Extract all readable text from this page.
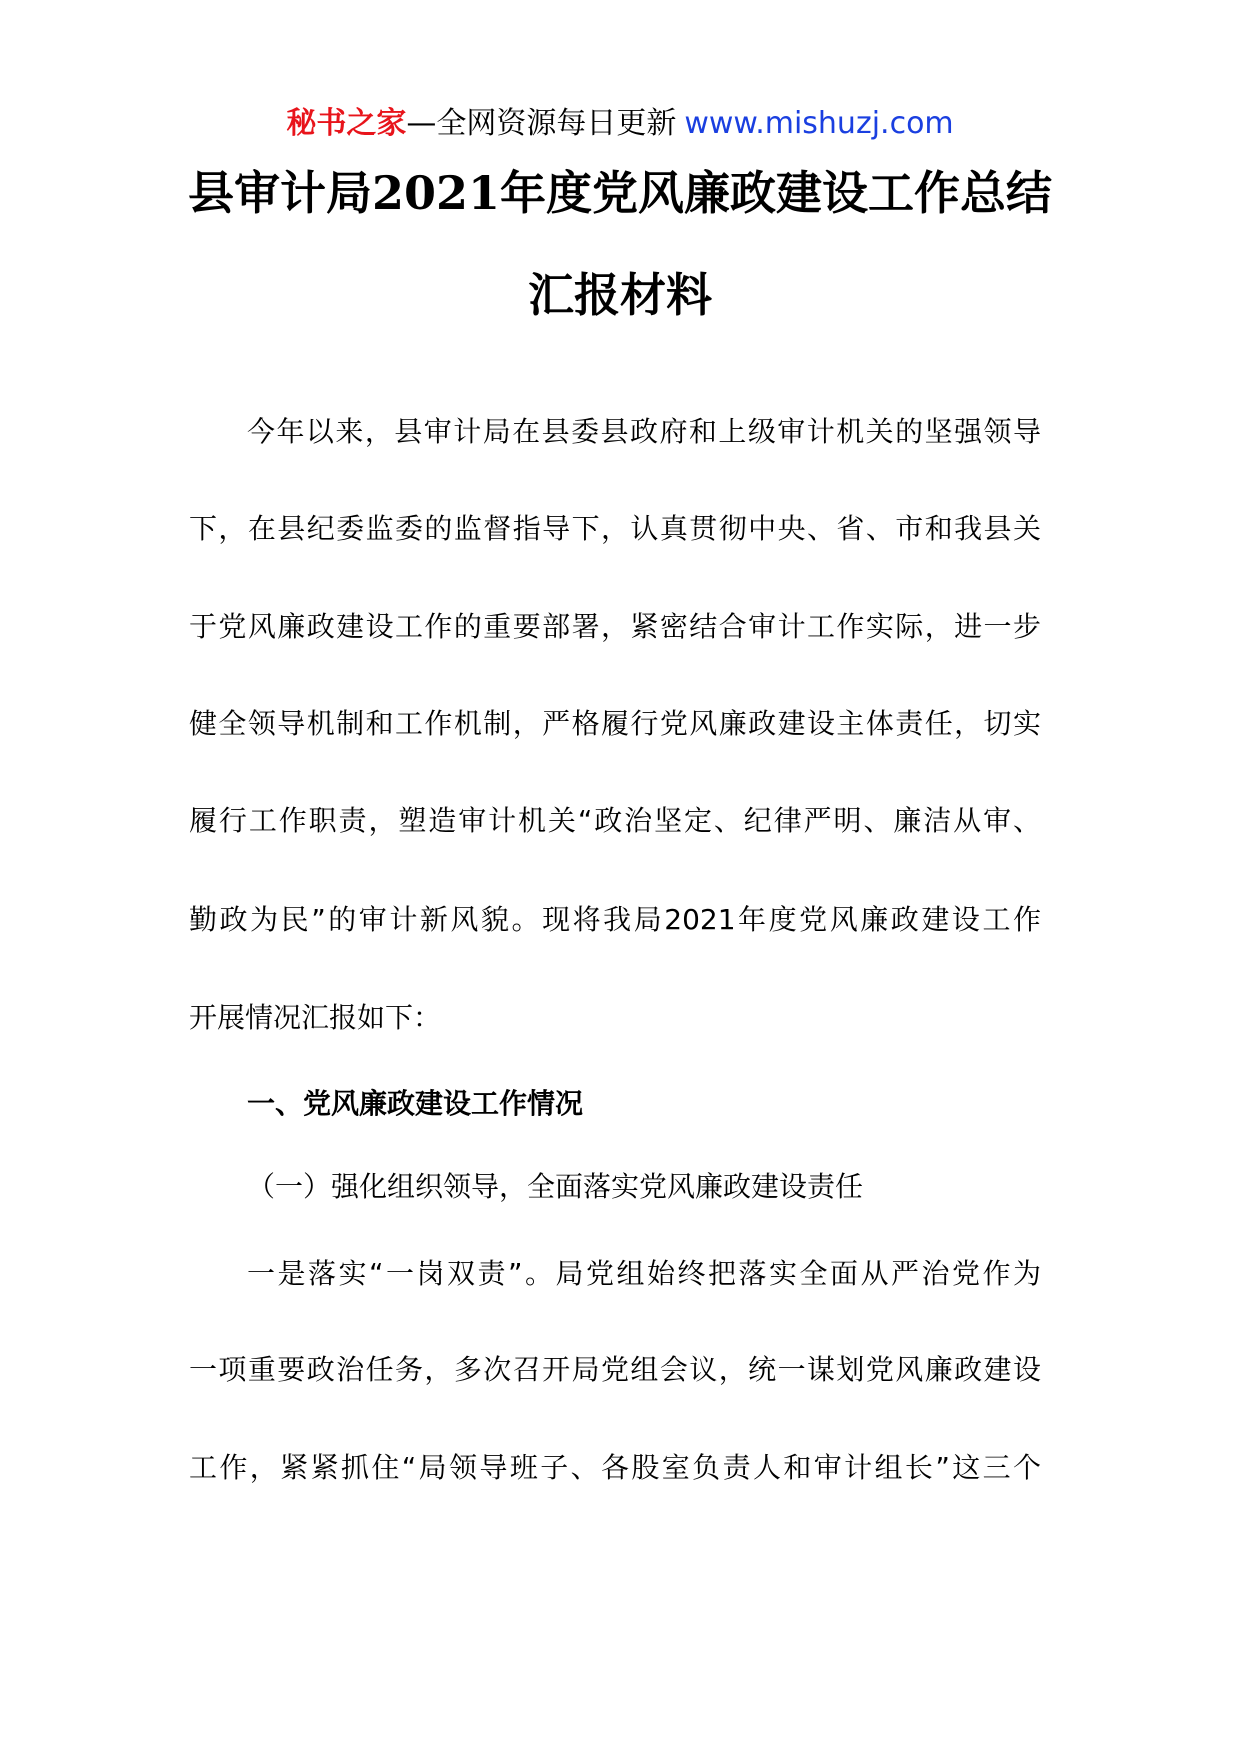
秘书之家—全网资源每日更新 www.mishuzj.com
县审计局2021年度党风廉政建设工作总结
汇报材料
今年以来，县审计局在县委县政府和上级审计机关的坚强领导
下，在县纪委监委的监督指导下，认真贯彻中央、省、市和我县关
于党风廉政建设工作的重要部署，紧密结合审计工作实际，进一步
健全领导机制和工作机制，严格履行党风廉政建设主体责任，切实
履行工作职责，塑造审计机关“政治坚定、纪律严明、廉洁从审、
勤政为民”的审计新风貌。现将我局2021年度党风廉政建设工作
开展情况汇报如下：
一、党风廉政建设工作情况
（一）强化组织领导，全面落实党风廉政建设责任
一是落实“一岗双责”。局党组始终把落实全面从严治党作为
一项重要政治任务，多次召开局党组会议，统一谋划党风廉政建设
工作，紧紧抓住“局领导班子、各股室负责人和审计组长”这三个
